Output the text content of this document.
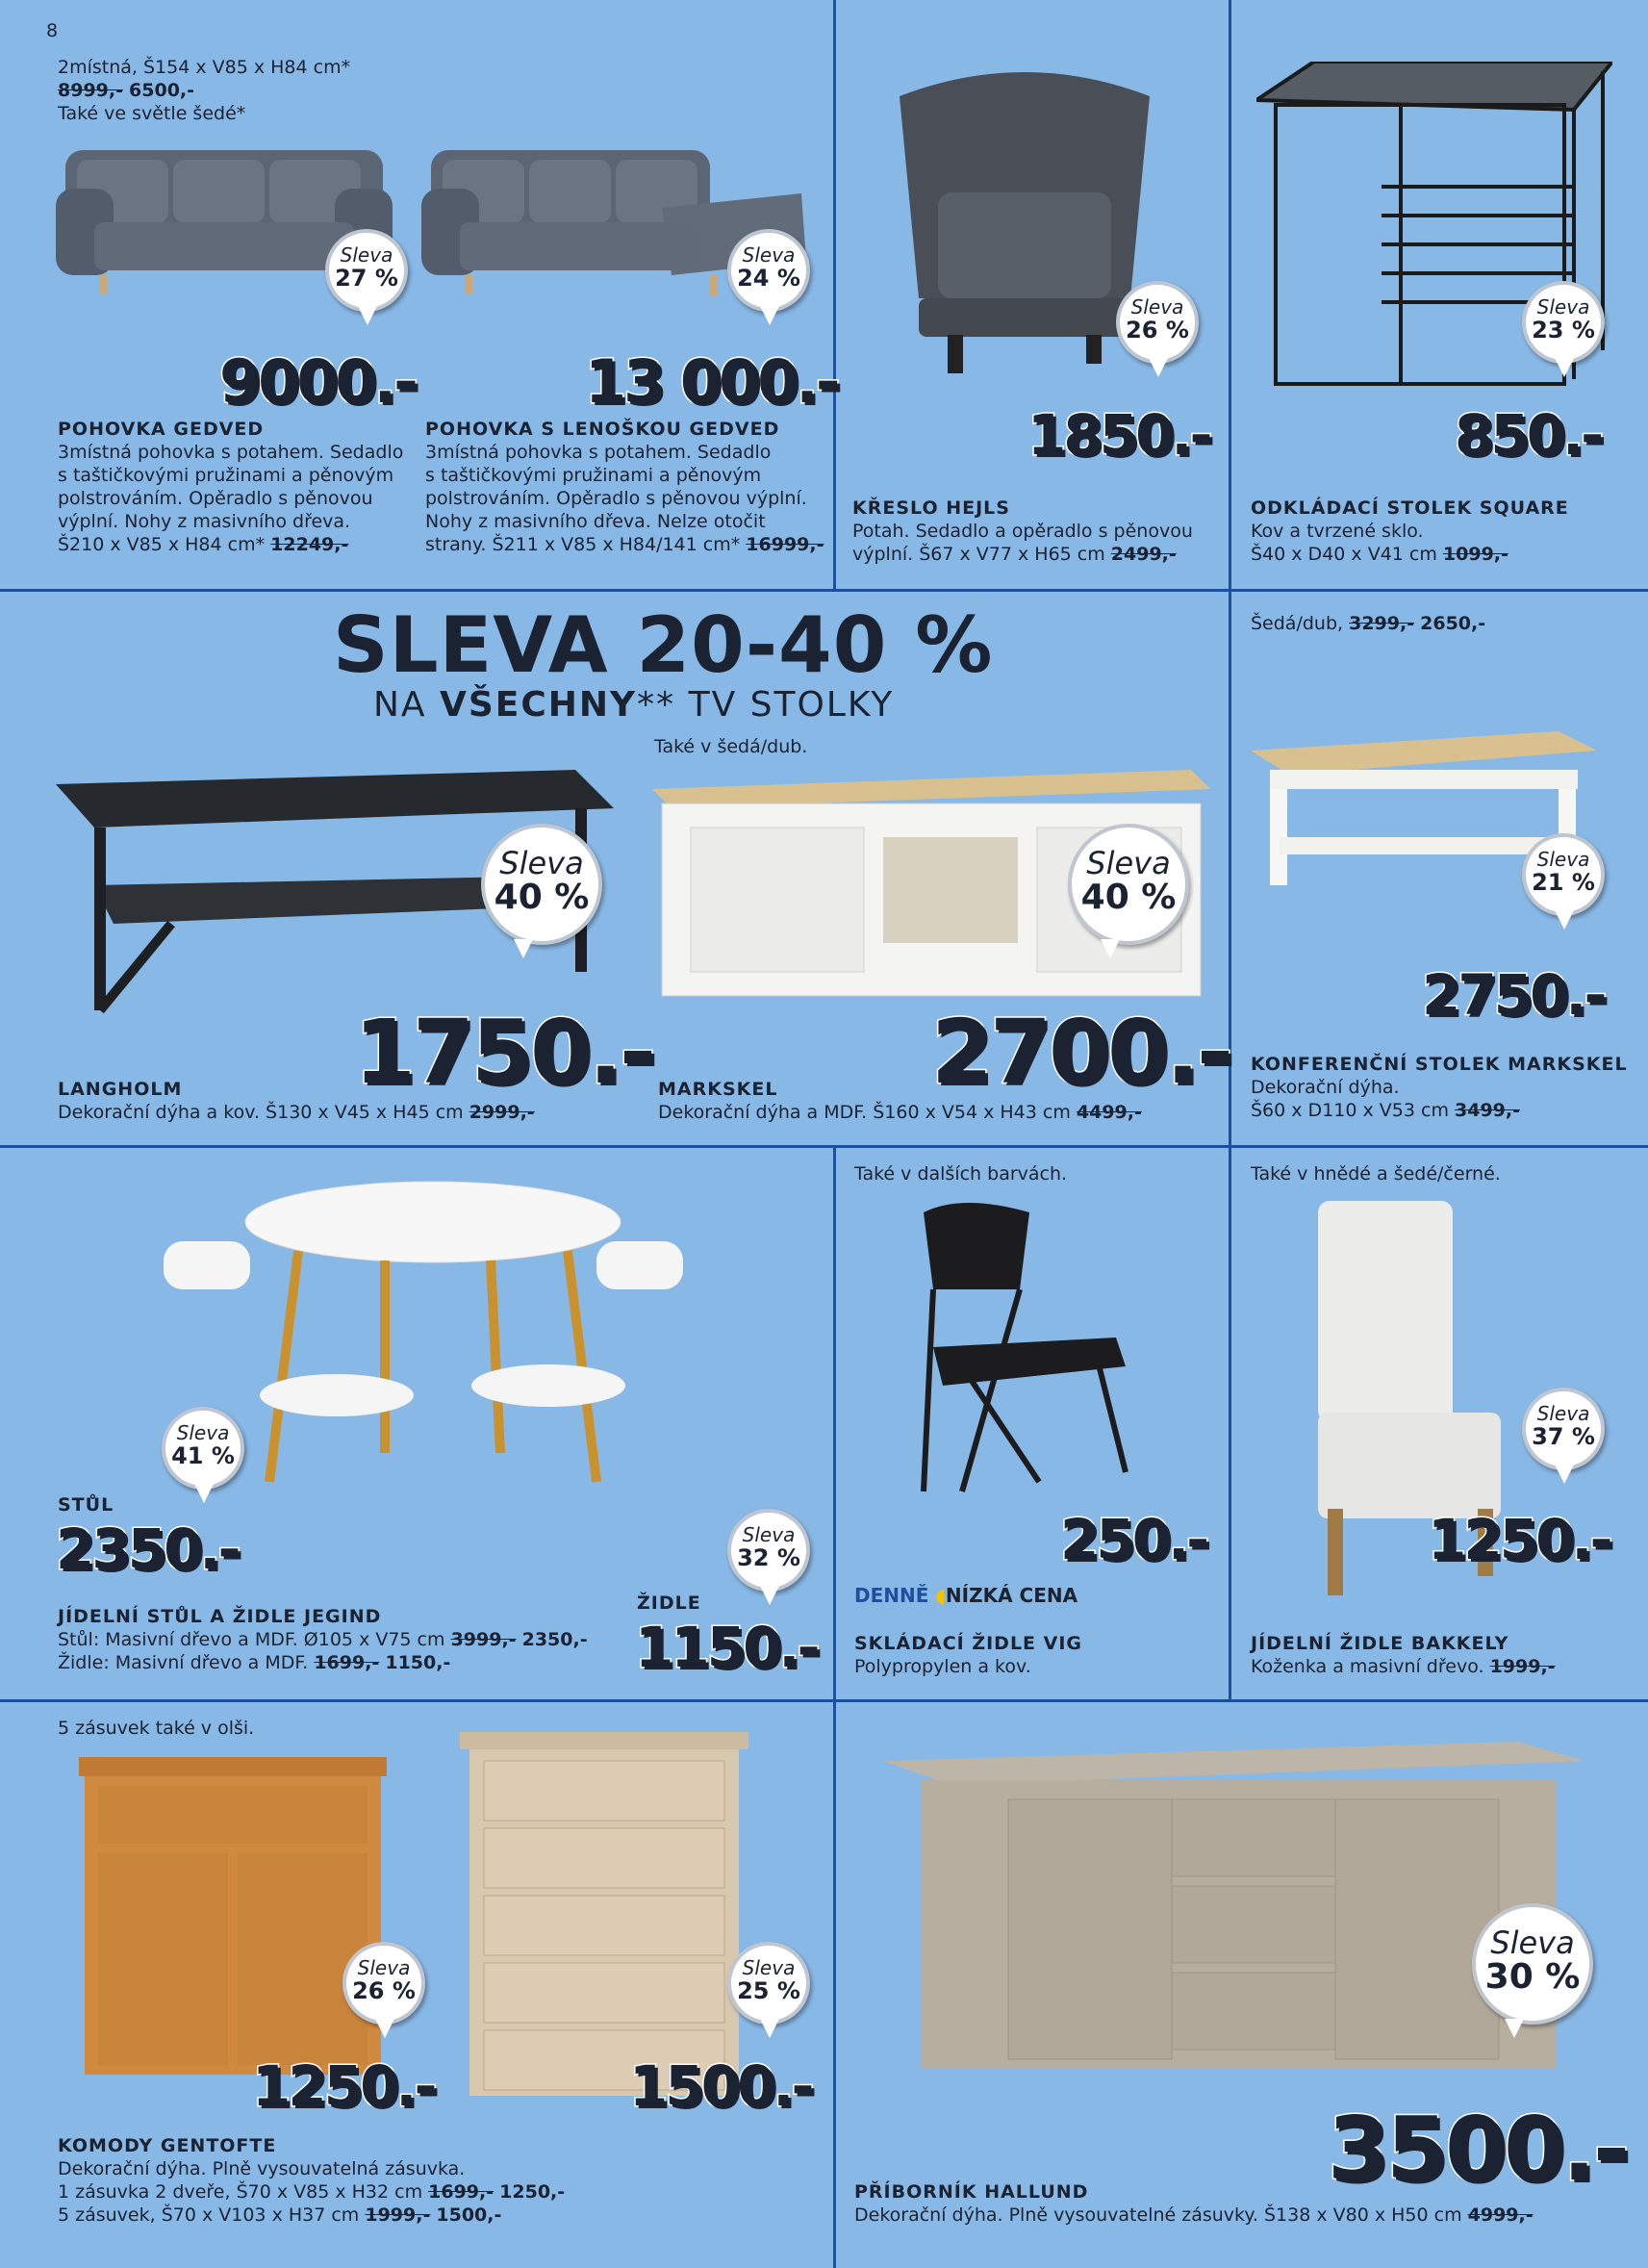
8
2místná, Š154 x V85 x H84 cm*
8999,- 6500,-
Také ve světle šedé*
Sleva
27 %
9000.-
POHOVKA GEDVED
3místná pohovka s potahem. Sedadlo
s taštičkovými pružinami a pěnovým
polstrováním. Opěradlo s pěnovou
výplní. Nohy z masivního dřeva.
Š210 x V85 x H84 cm* 12249,-
Sleva
24 %
13 000.-
POHOVKA S LENOŠKOU GEDVED
3místná pohovka s potahem. Sedadlo
s taštičkovými pružinami a pěnovým
polstrováním. Opěradlo s pěnovou výplní.
Nohy z masivního dřeva. Nelze otočit
strany. Š211 x V85 x H84/141 cm* 16999,-
Sleva
26 %
1850.-
KŘESLO HEJLS
Potah. Sedadlo a opěradlo s pěnovou
výplní. Š67 x V77 x H65 cm 2499,-
Sleva
23 %
850.-
ODKLÁDACÍ STOLEK SQUARE
Kov a tvrzené sklo.
Š40 x D40 x V41 cm 1099,-
SLEVA 20-40 %
NA VŠECHNY** TV STOLKY
Také v šedá/dub.
Sleva
40 %
1750.-
LANGHOLM
Dekorační dýha a kov. Š130 x V45 x H45 cm 2999,-
Sleva
40 %
2700.-
MARKSKEL
Dekorační dýha a MDF. Š160 x V54 x H43 cm 4499,-
Šedá/dub, 3299,- 2650,-
Sleva
21 %
2750.-
KONFERENČNÍ STOLEK MARKSKEL
Dekorační dýha.
Š60 x D110 x V53 cm 3499,-
Sleva
41 %
STŮL
2350.-	Sleva
32 %
ŽIDLE
1150.-
JÍDELNÍ STŮL A ŽIDLE JEGIND
Stůl: Masivní dřevo a MDF. Ø105 x V75 cm 3999,- 2350,-
Židle: Masivní dřevo a MDF. 1699,- 1150,-
Také v dalších barvách.
250.-
DENNĚ ◖NÍZKÁ CENA
SKLÁDACÍ ŽIDLE VIG
Polypropylen a kov.
Také v hnědé a šedé/černé.
Sleva
37 %
1250.-
JÍDELNÍ ŽIDLE BAKKELY
Koženka a masivní dřevo. 1999,-
5 zásuvek také v olši.
Sleva
26 %
1250.-
Sleva
25 %
1500.-
KOMODY GENTOFTE
Dekorační dýha. Plně vysouvatelná zásuvka.
1 zásuvka 2 dveře, Š70 x V85 x H32 cm 1699,- 1250,-
5 zásuvek, Š70 x V103 x H37 cm 1999,- 1500,-
Sleva
30 %
3500.-
PŘÍBORNÍK HALLUND
Dekorační dýha. Plně vysouvatelné zásuvky. Š138 x V80 x H50 cm 4999,-
